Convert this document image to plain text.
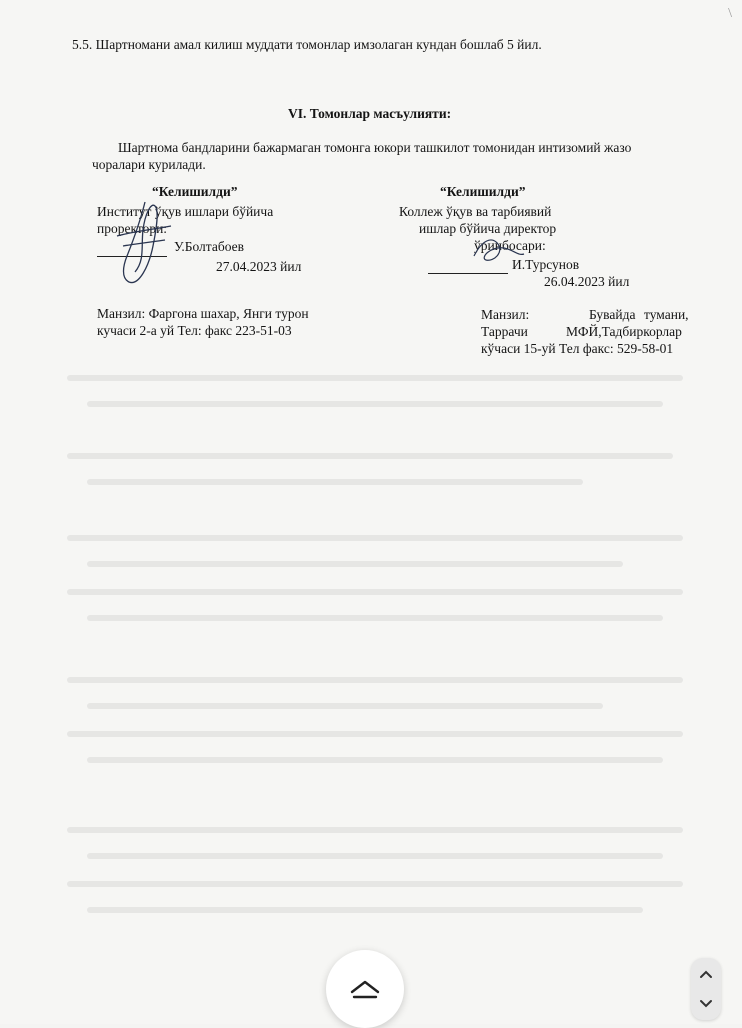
\
5.5. Шартномани амал килиш муддати томонлар имзолаган кундан бошлаб 5 йил.
VI. Томонлар масъулияти:
Шартнома бандларини бажармаган томонга юкори ташкилот томонидан интизомий жазо
чоралари курилади.
“Келишилди”
Институт ўқув ишлари бўйича
проректори:
У.Болтабоев
27.04.2023 йил
Манзил: Фаргона шахар, Янги турон
кучаси 2-а уй Тел: факс 223-51-03
“Келишилди”
Коллеж ўқув ва тарбиявий
ишлар бўйича директор
ўринбосари:
И.Турсунов
26.04.2023 йил
Манзил:	Бувайда тумани,
Таррачи	МФЙ,Тадбиркорлар
кўчаси 15-уй Тел факс: 529-58-01
